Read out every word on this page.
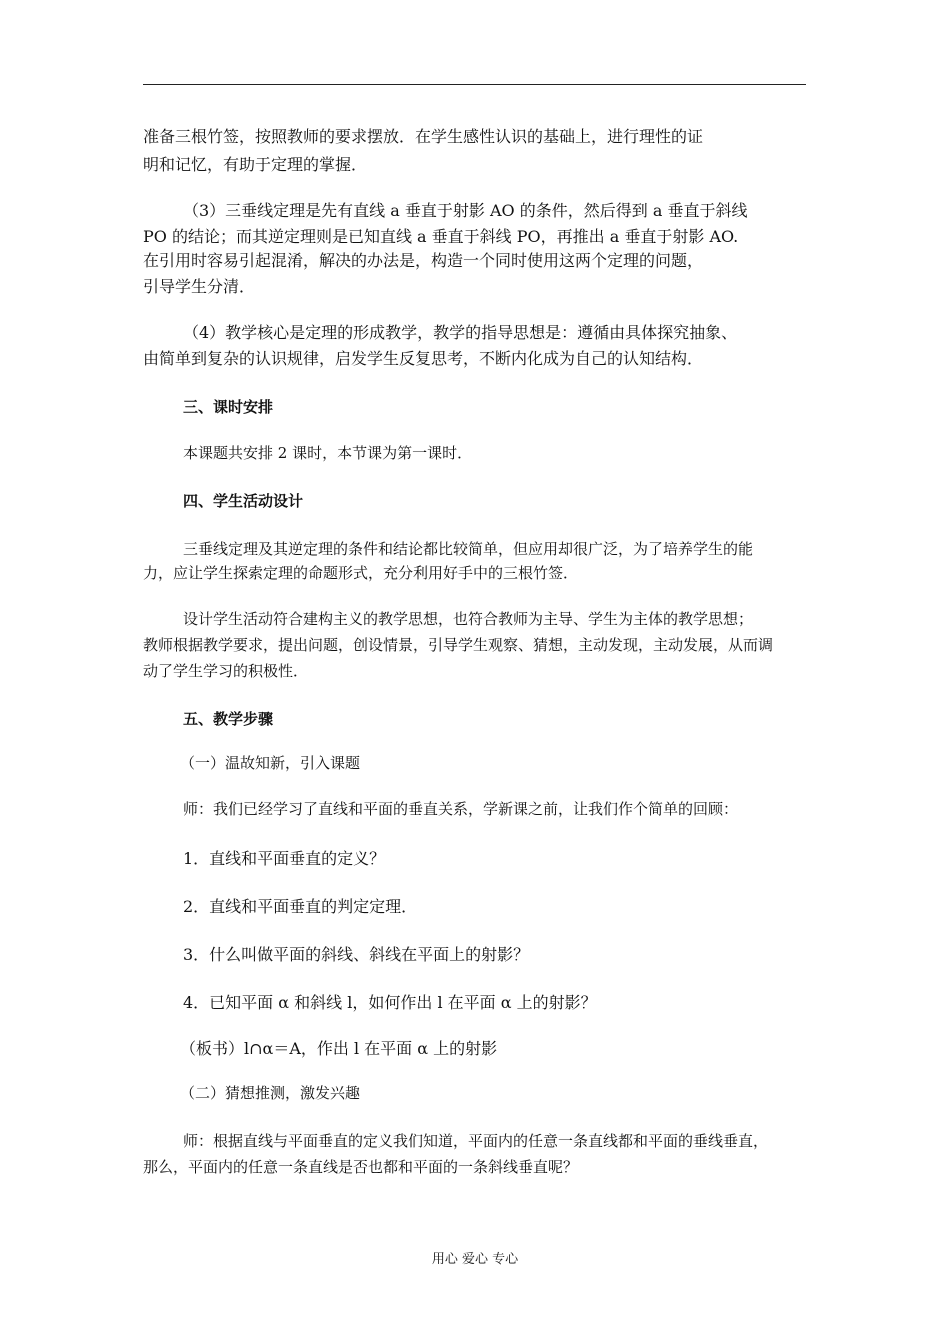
准备三根竹签，按照教师的要求摆放．在学生感性认识的基础上，进行理性的证

明和记忆，有助于定理的掌握．

（3）三垂线定理是先有直线 a 垂直于射影 AO 的条件，然后得到 a 垂直于斜线

PO 的结论；而其逆定理则是已知直线 a 垂直于斜线 PO，再推出 a 垂直于射影 AO.

在引用时容易引起混淆，解决的办法是，构造一个同时使用这两个定理的问题，

引导学生分清．

（4）教学核心是定理的形成教学，教学的指导思想是：遵循由具体探究抽象、

由简单到复杂的认识规律，启发学生反复思考，不断内化成为自己的认知结构．

三、课时安排

本课题共安排 2 课时，本节课为第一课时．

四、学生活动设计

三垂线定理及其逆定理的条件和结论都比较简单，但应用却很广泛，为了培养学生的能

力，应让学生探索定理的命题形式，充分利用好手中的三根竹签．

设计学生活动符合建构主义的教学思想，也符合教师为主导、学生为主体的教学思想；

教师根据教学要求，提出问题，创设情景，引导学生观察、猜想，主动发现，主动发展，从而调

动了学生学习的积极性．

五、教学步骤

（一）温故知新，引入课题

师：我们已经学习了直线和平面的垂直关系，学新课之前，让我们作个简单的回顾：

1．直线和平面垂直的定义？

2．直线和平面垂直的判定定理．

3．什么叫做平面的斜线、斜线在平面上的射影？

4．已知平面 α 和斜线 l，如何作出 l 在平面 α 上的射影？

（板书）l∩α＝A，作出 l 在平面 α 上的射影

（二）猜想推测，激发兴趣

师：根据直线与平面垂直的定义我们知道，平面内的任意一条直线都和平面的垂线垂直，

那么，平面内的任意一条直线是否也都和平面的一条斜线垂直呢？

用心 爱心 专心
